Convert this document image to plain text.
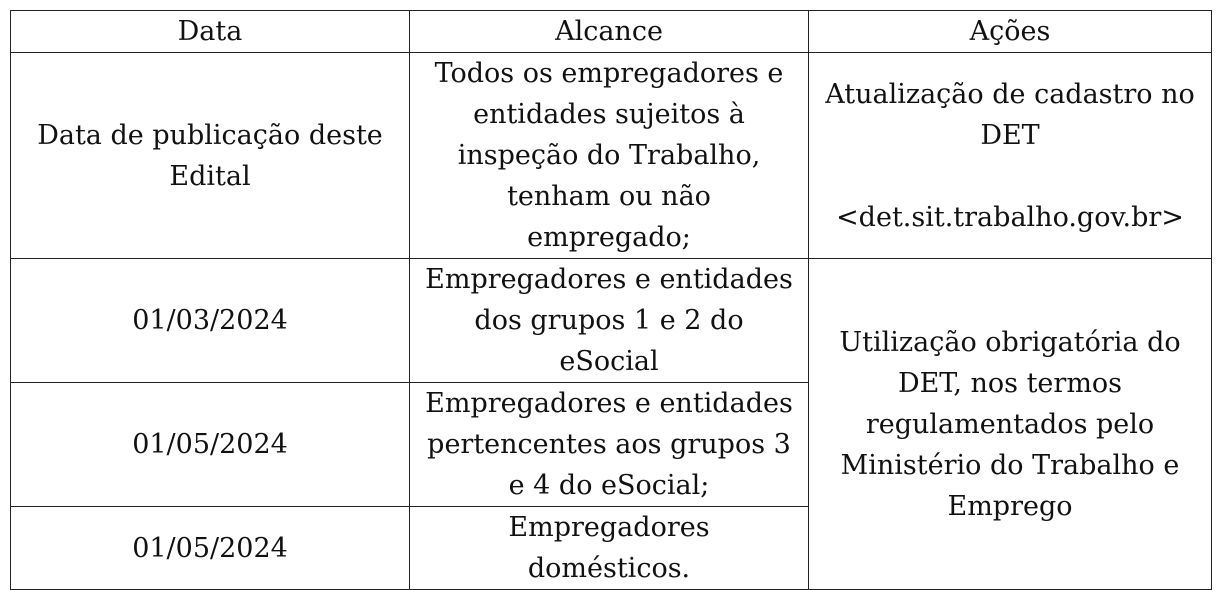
Data	Alcance	Ações
Data de publicação deste Edital	Todos os empregadores e entidades sujeitos à inspeção do Trabalho, tenham ou não empregado;	Atualização de cadastro no DET
<det.sit.trabalho.gov.br>

01/03/2024	Empregadores e entidades dos grupos 1 e 2 do eSocial	Utilização obrigatória do DET, nos termos regulamentados pelo Ministério do Trabalho e Emprego
01/05/2024	Empregadores e entidades pertencentes aos grupos 3 e 4 do eSocial;	
01/05/2024	Empregadores domésticos.	
